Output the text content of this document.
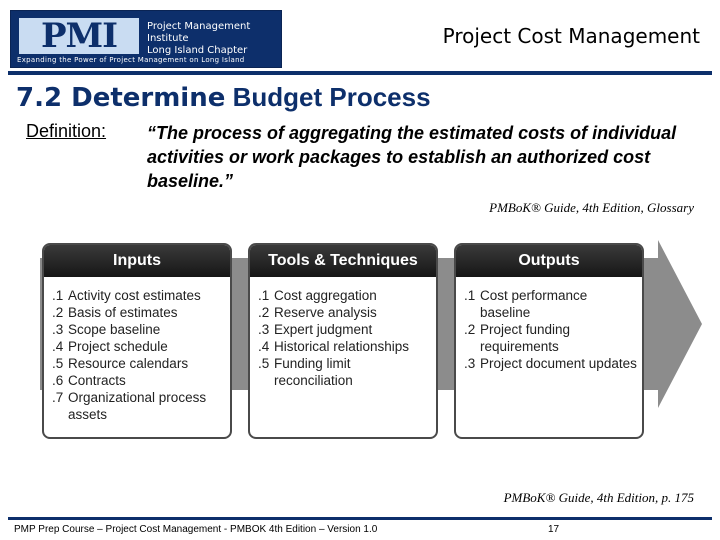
PMI	Project Management Institute
Long Island Chapter
Expanding the Power of Project Management on Long Island
Project Cost Management
7.2 Determine Budget Process
Definition: “The process of aggregating the estimated costs of individual activities or work packages to establish an authorized cost baseline.”
PMBoK® Guide, 4th Edition, Glossary
Inputs
.1 Activity cost estimates
.2 Basis of estimates
.3 Scope baseline
.4 Project schedule
.5 Resource calendars
.6 Contracts
.7 Organizational process assets
Tools & Techniques
.1 Cost aggregation
.2 Reserve analysis
.3 Expert judgment
.4 Historical relationships
.5 Funding limit reconciliation
Outputs
.1 Cost performance baseline
.2 Project funding requirements
.3 Project document updates
PMBoK® Guide, 4th Edition, p. 175
PMP Prep Course – Project Cost Management - PMBOK 4th Edition – Version 1.0	17
